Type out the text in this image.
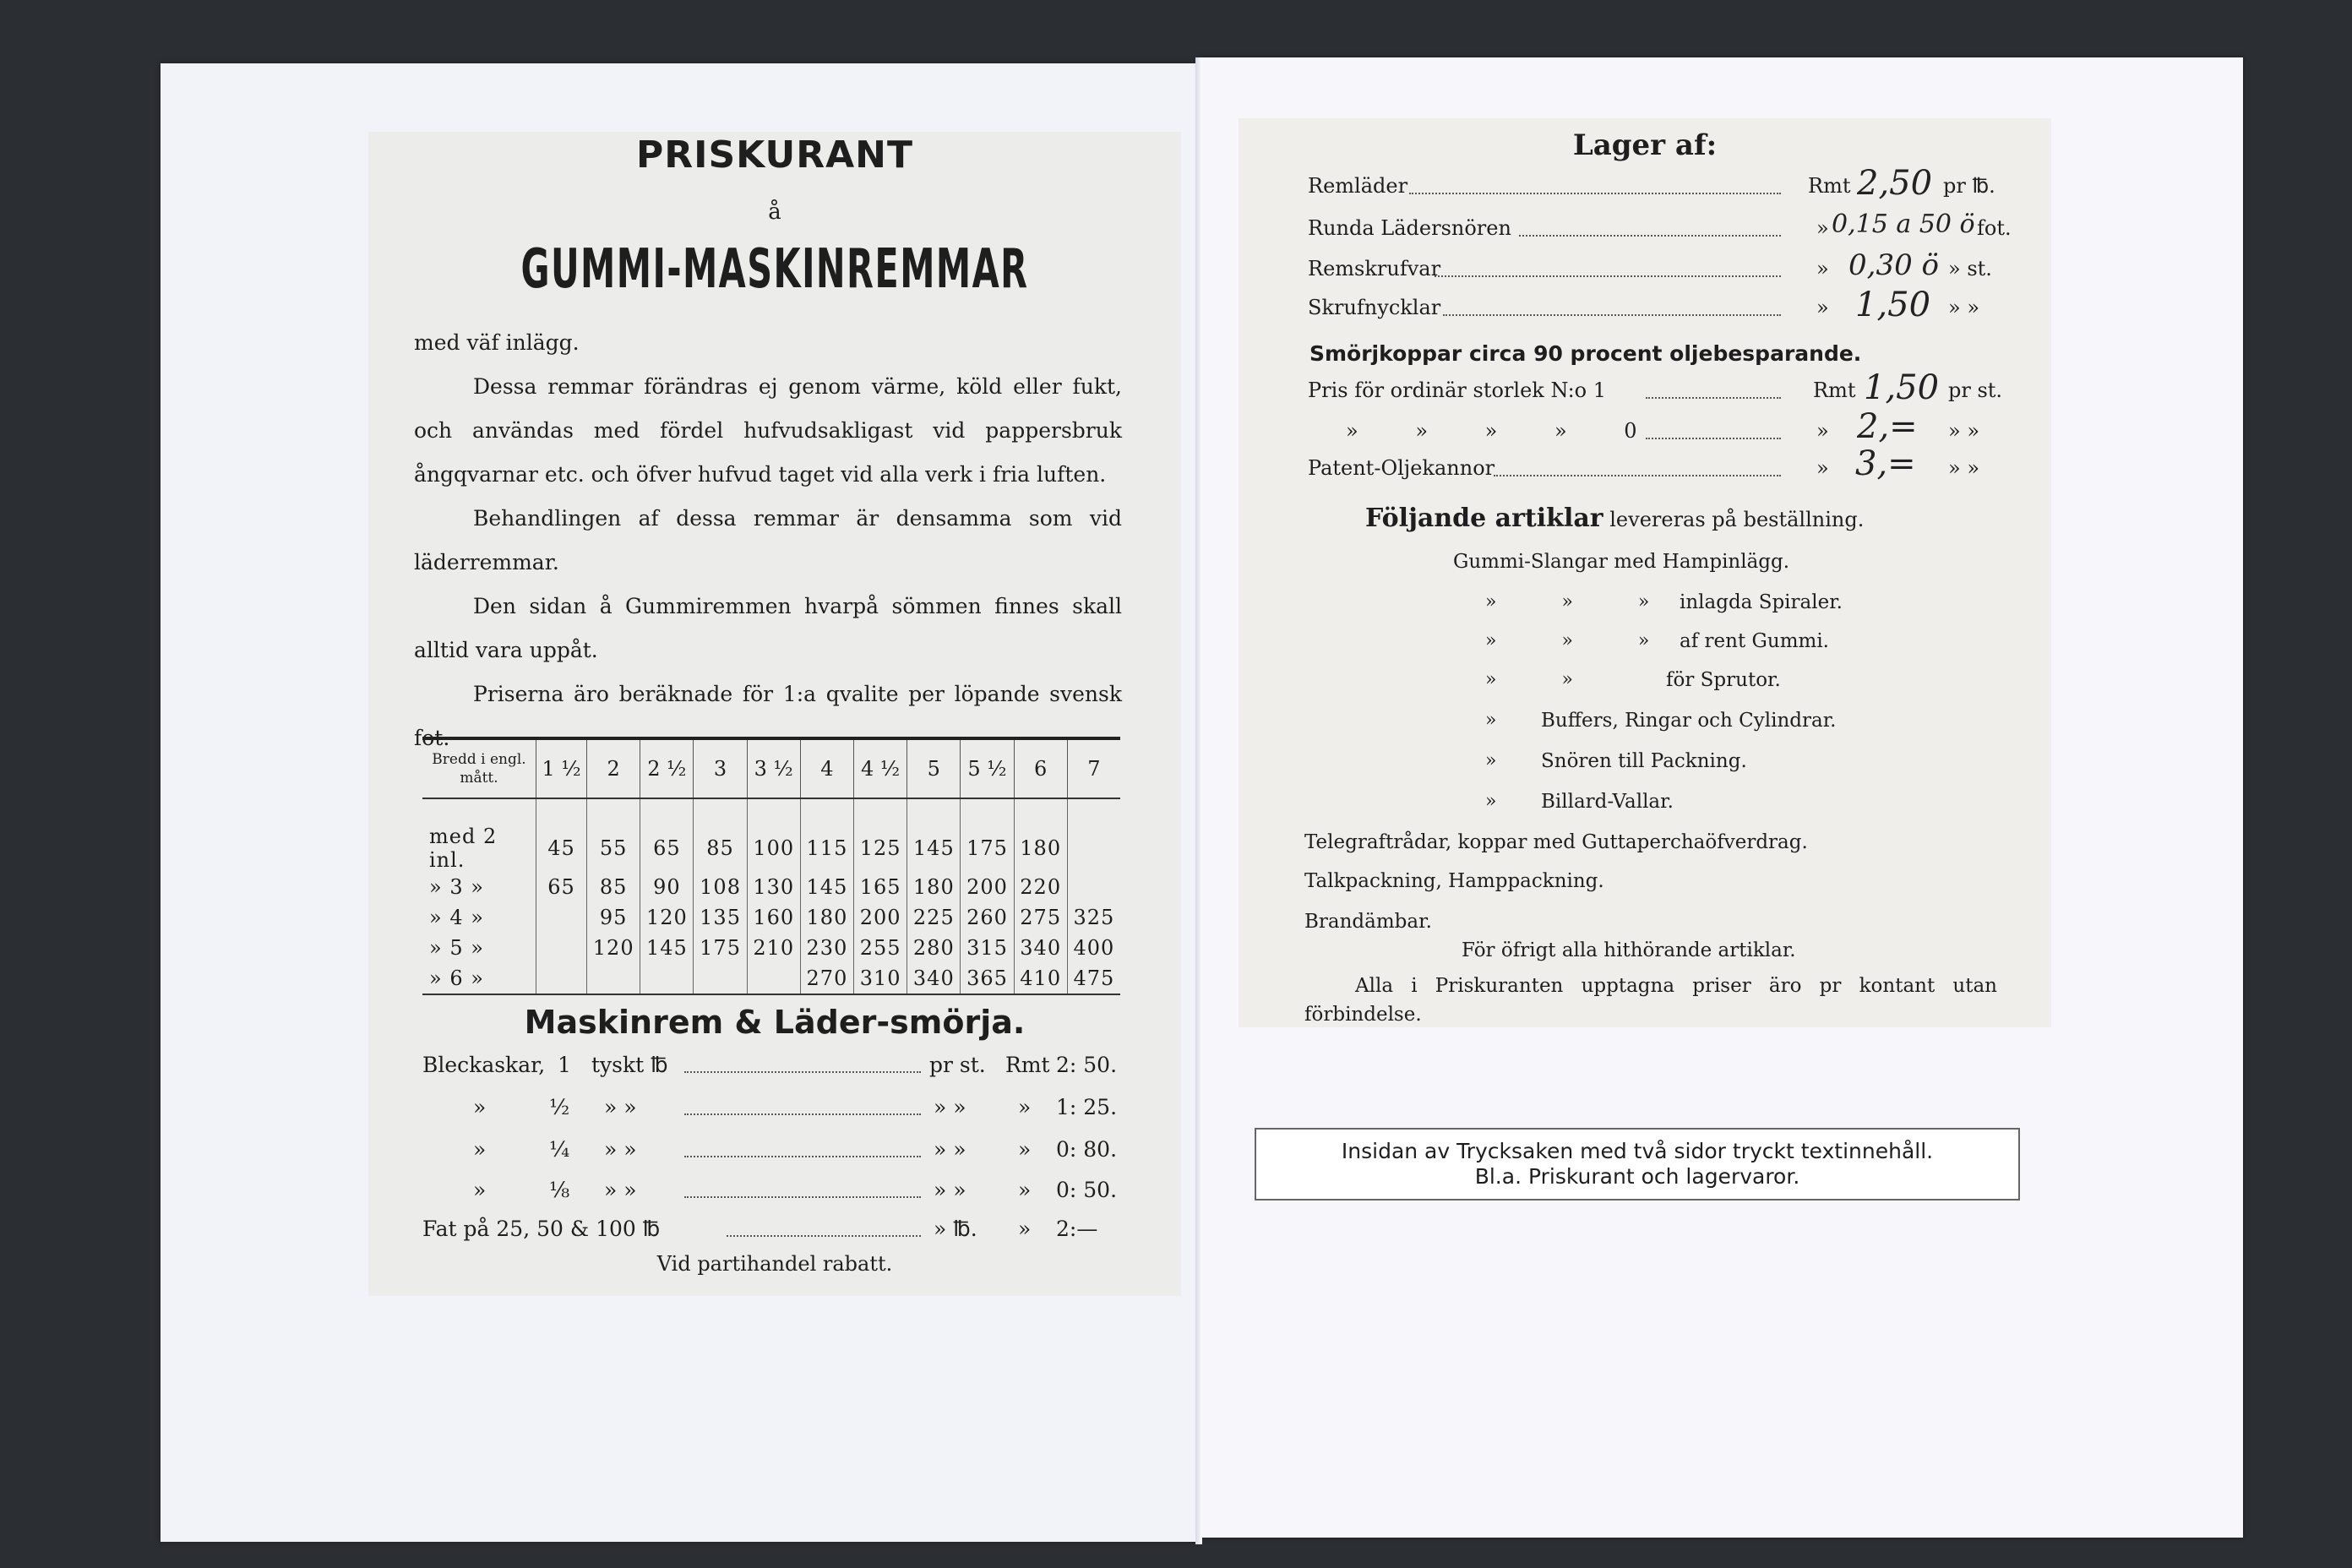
PRISKURANT
å
GUMMI-MASKINREMMAR

med väf inlägg.

Dessa remmar förändras ej genom värme, köld eller fukt, och användas med fördel hufvudsakligast vid pappersbruk ångqvarnar etc. och öfver hufvud taget vid alla verk i fria luften.

Behandlingen af dessa remmar är densamma som vid läderremmar.

Den sidan å Gummiremmen hvarpå sömmen finnes skall alltid vara uppåt.

Priserna äro beräknade för 1:a qvalite per löpande svensk fot.

Bredd i engl. mått.	1 ½	2	2 ½	3	3 ½	4	4 ½	5	5 ½	6	7
med 2 inl.	45	55	65	85	100	115	125	145	175	180	
» 3 »	65	85	90	108	130	145	165	180	200	220	
» 4 »		95	120	135	160	180	200	225	260	275	325
» 5 »		120	145	175	210	230	255	280	315	340	400
» 6 »						270	310	340	365	410	475
Maskinrem & Läder-smörja.
Bleckaskar, 1 tyskt ℔	pr st. Rmt 2: 50.
»	½ » »	» » » 1: 25.
»	¼ » »	» » » 0: 80.
»	⅛ » »	» » » 0: 50.
Fat på 25, 50 & 100 ℔	» ℔. » 2:—
Vid partihandel rabatt.
Lager af:
Remläder	Rmt 2,50 pr ℔.
Runda Lädersnören	» 0,15 a 50 ö fot.
Remskrufvar	» 0,30 ö » st.
Skrufnycklar	» 1,50 » »
Smörjkoppar circa 90 procent oljebesparande.
Pris för ordinär storlek N:o 1	Rmt 1,50 pr st.
» » » » 0	» 2,= » »
Patent-Oljekannor	» 3,= » »
Följande artiklar levereras på beställning.
Gummi-Slangar med Hampinlägg.
» » » inlagda Spiraler.
» » » af rent Gummi.
» »	för Sprutor.
» Buffers, Ringar och Cylindrar.
» Snören till Packning.
» Billard-Vallar.
Telegraftrådar, koppar med Guttaperchaöfverdrag.
Talkpackning, Hamppackning.
Brandämbar.
För öfrigt alla hithörande artiklar.
Alla i Priskuranten upptagna priser äro pr kontant utan förbindelse.
Insidan av Trycksaken med två sidor tryckt textinnehåll.
Bl.a. Priskurant och lagervaror.
